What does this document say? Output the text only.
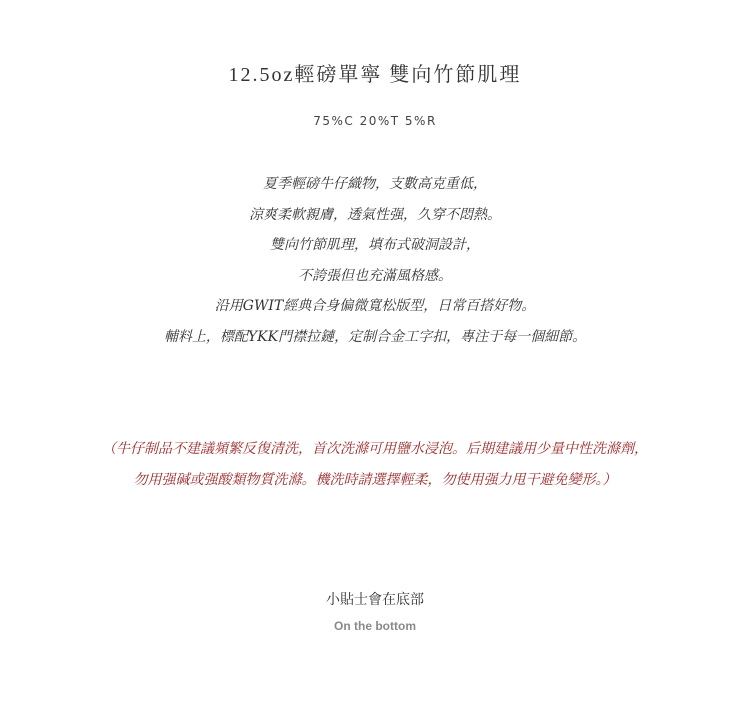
12.5oz輕磅單寧 雙向竹節肌理
75%C 20%T 5%R
夏季輕磅牛仔織物，支數高克重低，
涼爽柔軟親膚，透氣性强，久穿不悶熱。
雙向竹節肌理，填布式破洞設計，
不誇張但也充滿風格感。
沿用GWIT經典合身偏微寬松版型，日常百搭好物。
輔料上，標配YKK門襟拉鏈，定制合金工字扣，專注于每一個細節。
（牛仔制品不建議頻繁反復清洗，首次洗滌可用鹽水浸泡。后期建議用少量中性洗滌劑，
勿用强碱或强酸類物質洗滌。機洗時請選擇輕柔，勿使用强力甩干避免變形。）
小貼士會在底部
On the bottom
